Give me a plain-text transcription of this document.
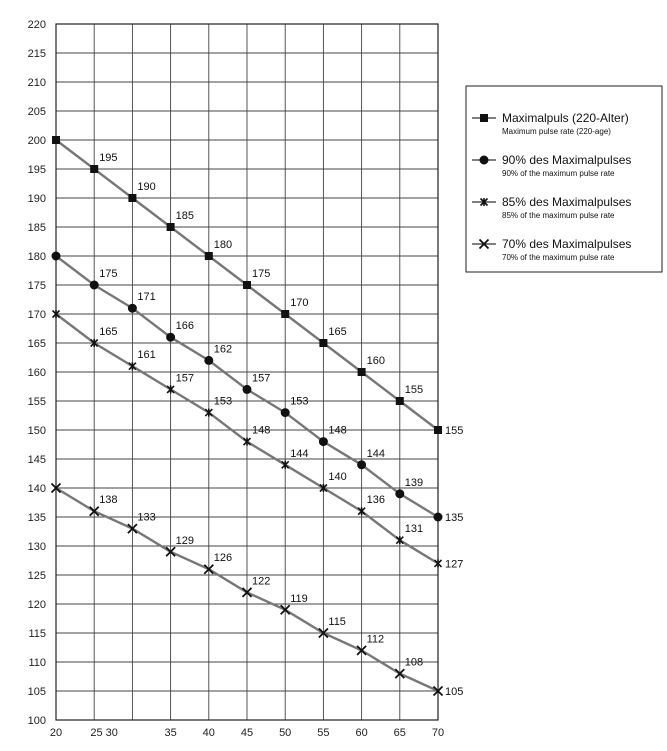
100
105
110
115
120
125
130
135
140
145
150
155
160
165
170
175
180
185
190
195
200
205
210
215
220
20	25 30	35 40 45 50 55 60 65 70
195
190
185
180
175
170
165
160
155
155
175
171
166
162
157
153
148
144
139
135
165
161
157
153
148
144
140
136
131
127
138
133
129
126
122
119
115
112
108
105
Maximalpuls (220-Alter)
Maximum pulse rate (220-age)
90% des Maximalpulses
90% of the maximum pulse rate
85% des Maximalpulses
85% of the maximum pulse rate
70% des Maximalpulses
70% of the maximum pulse rate
